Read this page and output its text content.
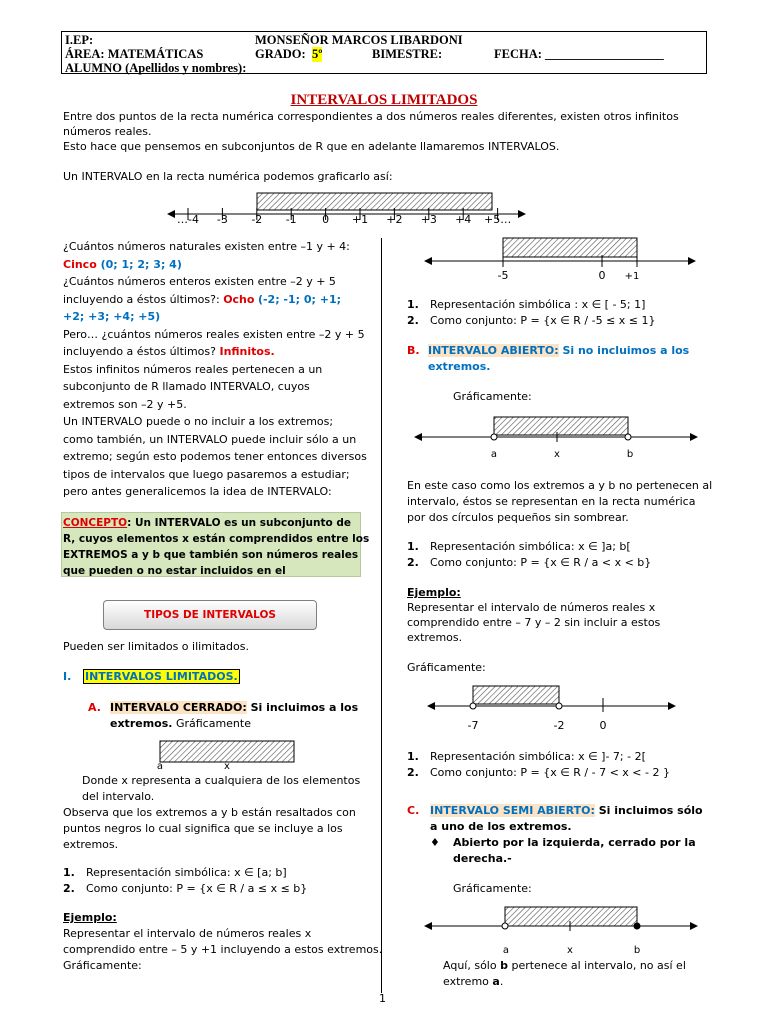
I.EP:	MONSEÑOR MARCOS LIBARDONI
ÁREA: MATEMÁTICAS	GRADO: 5º	BIMESTRE:	FECHA: ___________________
ALUMNO (Apellidos y nombres):
INTERVALOS LIMITADOS
Entre dos puntos de la recta numérica correspondientes a dos números reales diferentes, existen otros infinitos
números reales.
Esto hace que pensemos en subconjuntos de R que en adelante llamaremos INTERVALOS.
Un INTERVALO en la recta numérica podemos graficarlo así:
…-4 -3 -2 -1 0 +1 +2 +3 +4 +5…
¿Cuántos números naturales existen entre –1 y + 4:
Cinco (0; 1; 2; 3; 4)
¿Cuántos números enteros existen entre –2 y + 5
incluyendo a éstos últimos?: Ocho (-2; -1; 0; +1;
+2; +3; +4; +5)
Pero… ¿cuántos números reales existen entre –2 y + 5
incluyendo a éstos últimos? Infinitos.
Estos infinitos números reales pertenecen a un
subconjunto de R llamado INTERVALO, cuyos
extremos son –2 y +5.
Un INTERVALO puede o no incluir a los extremos;
como también, un INTERVALO puede incluir sólo a un
extremo; según esto podemos tener entonces diversos
tipos de intervalos que luego pasaremos a estudiar;
pero antes generalicemos la idea de INTERVALO:
CONCEPTO: Un INTERVALO es un subconjunto de
R, cuyos elementos x están comprendidos entre los
EXTREMOS a y b que también son números reales
que pueden o no estar incluidos en el
TIPOS DE INTERVALOS
Pueden ser limitados o ilimitados.
I. INTERVALOS LIMITADOS.
A. INTERVALO CERRADO: Si incluimos a los
extremos. Gráficamente
a	x
Donde x representa a cualquiera de los elementos
del intervalo.
Observa que los extremos a y b están resaltados con
puntos negros lo cual significa que se incluye a los
extremos.
1. Representación simbólica: x ∈ [a; b]
2. Como conjunto: P = {x ∈ R / a ≤ x ≤ b}
Ejemplo:
Representar el intervalo de números reales x
comprendido entre – 5 y +1 incluyendo a estos extremos.
Gráficamente:
-5	0 +1
1. Representación simbólica : x ∈ [ - 5; 1]
2. Como conjunto: P = {x ∈ R / -5 ≤ x ≤ 1}
B. INTERVALO ABIERTO: Si no incluimos a los
extremos.
Gráficamente:
a	x	b
En este caso como los extremos a y b no pertenecen al
intervalo, éstos se representan en la recta numérica
por dos círculos pequeños sin sombrear.
1. Representación simbólica: x ∈ ]a; b[
2. Como conjunto: P = {x ∈ R / a < x < b}
Ejemplo:
Representar el intervalo de números reales x
comprendido entre – 7 y – 2 sin incluir a estos
extremos.
Gráficamente:
-7	-2	0
1. Representación simbólica: x ∈ ]- 7; - 2[
2. Como conjunto: P = {x ∈ R / - 7 < x < - 2 }
C. INTERVALO SEMI ABIERTO: Si incluimos sólo
a uno de los extremos.
♦ Abierto por la izquierda, cerrado por la
derecha.-
Gráficamente:
a	x	b
Aquí, sólo b pertenece al intervalo, no así el
extremo a.
1
